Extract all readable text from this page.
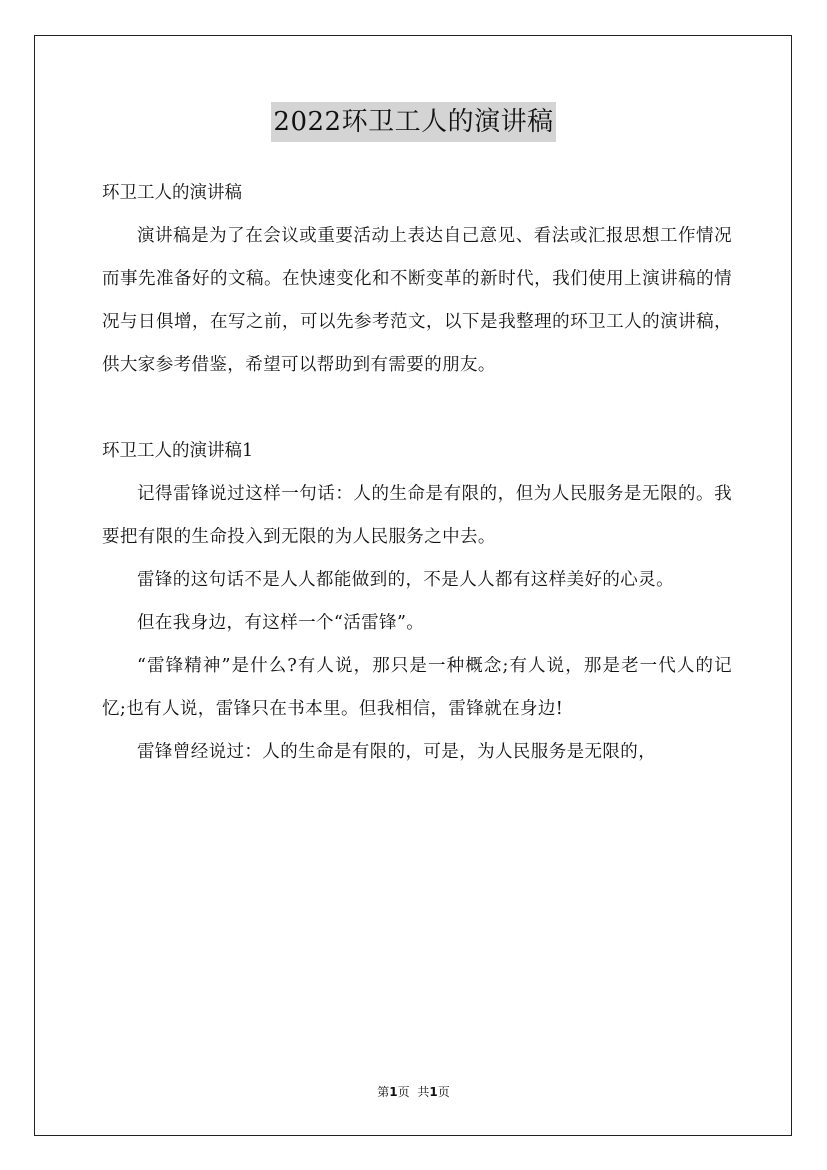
2022环卫工人的演讲稿

环卫工人的演讲稿

演讲稿是为了在会议或重要活动上表达自己意见、看法或汇报思想工作情况而事先准备好的文稿。在快速变化和不断变革的新时代，我们使用上演讲稿的情况与日俱增，在写之前，可以先参考范文，以下是我整理的环卫工人的演讲稿，供大家参考借鉴，希望可以帮助到有需要的朋友。

环卫工人的演讲稿1

记得雷锋说过这样一句话：人的生命是有限的，但为人民服务是无限的。我要把有限的生命投入到无限的为人民服务之中去。

雷锋的这句话不是人人都能做到的，不是人人都有这样美好的心灵。

但在我身边，有这样一个“活雷锋”。

“雷锋精神”是什么?有人说，那只是一种概念;有人说，那是老一代人的记忆;也有人说，雷锋只在书本里。但我相信，雷锋就在身边!

雷锋曾经说过：人的生命是有限的，可是，为人民服务是无限的，

第1页 共1页
